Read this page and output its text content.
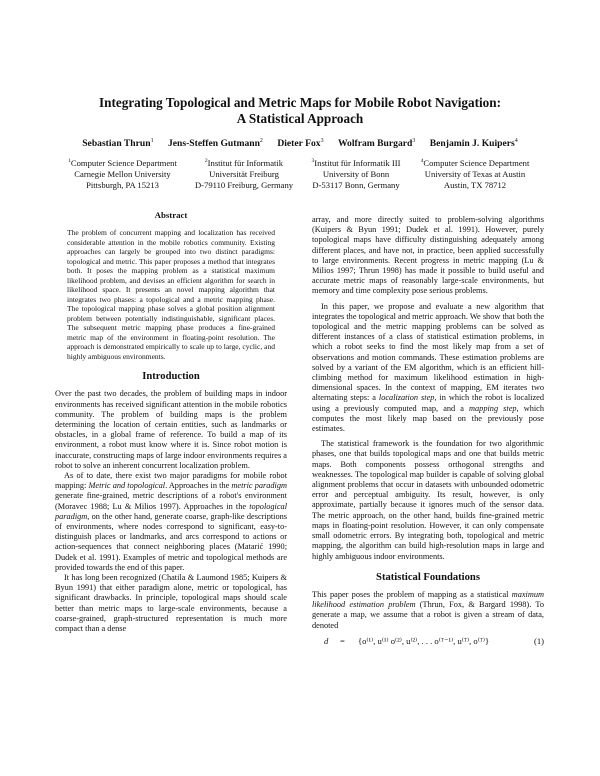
Integrating Topological and Metric Maps for Mobile Robot Navigation:
A Statistical Approach
Sebastian Thrun$^1$ Jens-Steffen Gutmann$^2$ Dieter Fox$^3$ Wolfram Burgard$^3$ Benjamin J. Kuipers$^4$
$^1$Computer Science Department
Carnegie Mellon University
Pittsburgh, PA 15213
$^2$Institut für Informatik
Universität Freiburg
D-79110 Freiburg, Germany
$^3$Institut für Informatik III
University of Bonn
D-53117 Bonn, Germany
$^4$Computer Science Department
University of Texas at Austin
Austin, TX 78712
Abstract

The problem of concurrent mapping and localization has received considerable attention in the mobile robotics community. Existing approaches can largely be grouped into two distinct paradigms: topological and metric. This paper proposes a method that integrates both. It poses the mapping problem as a statistical maximum likelihood problem, and devises an efficient algorithm for search in likelihood space. It presents an novel mapping algorithm that integrates two phases: a topological and a metric mapping phase. The topological mapping phase solves a global position alignment problem between potentially indistinguishable, significant places. The subsequent metric mapping phase produces a fine-grained metric map of the environment in floating-point resolution. The approach is demonstrated empirically to scale up to large, cyclic, and highly ambiguous environments.

Introduction

Over the past two decades, the problem of building maps in indoor environments has received significant attention in the mobile robotics community. The problem of building maps is the problem determining the location of certain entities, such as landmarks or obstacles, in a global frame of reference. To build a map of its environment, a robot must know where it is. Since robot motion is inaccurate, constructing maps of large indoor environments requires a robot to solve an inherent concurrent localization problem.

As of to date, there exist two major paradigms for mobile robot mapping: Metric and topological. Approaches in the metric paradigm generate fine-grained, metric descriptions of a robot's environment (Moravec 1988; Lu & Milios 1997). Approaches in the topological paradigm, on the other hand, generate coarse, graph-like descriptions of environments, where nodes correspond to significant, easy-to-distinguish places or landmarks, and arcs correspond to actions or action-sequences that connect neighboring places (Matarić 1990; Dudek et al. 1991). Examples of metric and topological methods are provided towards the end of this paper.

It has long been recognized (Chatila & Laumond 1985; Kuipers & Byun 1991) that either paradigm alone, metric or topological, has significant drawbacks. In principle, topological maps should scale better than metric maps to large-scale environments, because a coarse-grained, graph-structured representation is much more compact than a dense

array, and more directly suited to problem-solving algorithms (Kuipers & Byun 1991; Dudek et al. 1991). However, purely topological maps have difficulty distinguishing adequately among different places, and have not, in practice, been applied successfully to large environments. Recent progress in metric mapping (Lu & Milios 1997; Thrun 1998) has made it possible to build useful and accurate metric maps of reasonably large-scale environments, but memory and time complexity pose serious problems.

In this paper, we propose and evaluate a new algorithm that integrates the topological and metric approach. We show that both the topological and the metric mapping problems can be solved as different instances of a class of statistical estimation problems, in which a robot seeks to find the most likely map from a set of observations and motion commands. These estimation problems are solved by a variant of the EM algorithm, which is an efficient hill-climbing method for maximum likelihood estimation in high-dimensional spaces. In the context of mapping, EM iterates two alternating steps: a localization step, in which the robot is localized using a previously computed map, and a mapping step, which computes the most likely map based on the previously pose estimates.

The statistical framework is the foundation for two algorithmic phases, one that builds topological maps and one that builds metric maps. Both components possess orthogonal strengths and weaknesses. The topological map builder is capable of solving global alignment problems that occur in datasets with unbounded odometric error and perceptual ambiguity. Its result, however, is only approximate, partially because it ignores much of the sensor data. The metric approach, on the other hand, builds fine-grained metric maps in floating-point resolution. However, it can only compensate small odometric errors. By integrating both, topological and metric mapping, the algorithm can build high-resolution maps in large and highly ambiguous indoor environments.

Statistical Foundations

This paper poses the problem of mapping as a statistical maximum likelihood estimation problem (Thrun, Fox, & Bargard 1998). To generate a map, we assume that a robot is given a stream of data, denoted

d = {o⁽¹⁾, u⁽¹⁾ o⁽²⁾, u⁽²⁾, . . . o⁽ᵀ⁻¹⁾, u⁽ᵀ⁾, o⁽ᵀ⁾}	(1)
